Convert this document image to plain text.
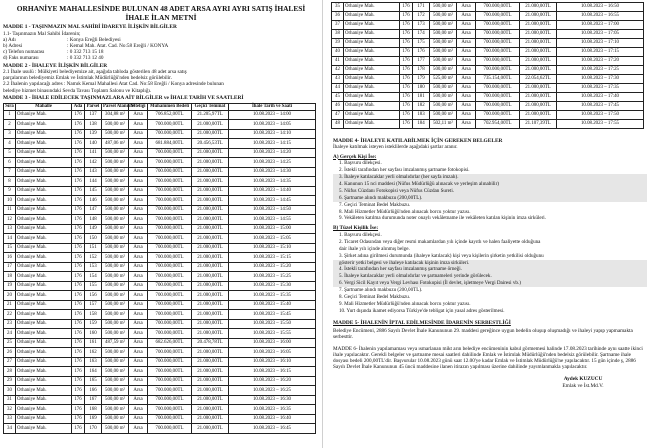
ORHANİYE MAHALLESİNDE BULUNAN 48 ADET ARSA AYRI AYRI SATIŞ İHALESİ İHALE İLAN METNİ
MADDE 1 - TAŞINMAZIN MAL SAHİBİ İDAREYE İLİŞKİN BİLGİLER
1.1- Taşınmazın Mal Sahibi İdarenin;
a) Adı	: Konya Ereğli Belediyesi
b) Adresi	: Kemal Mah. Atat. Cad. No:58 Ereğli / KONYA
c) Telefon numarası	: 0 332 713 15 18
d) Faks numarası	: 0 332 713 12 40
MADDE 2 - İHALEYE İLİŞKİN BİLGİLER
2.1 İhale usulü : Mülkiyeti belediyemize ait, aşağıda tabloda gösterilen 48 adet arsa satış
parçalarının belediyemiz Emlak ve İstimlak Müdürlüğü'nden bedelsiz görülebilir.
2.2 İhalenin yapılacağı adres : Namık Kemal Mahallesi Atat Cad. No:58 Ereğli / Konya adresinde bulunan
belediye hizmet binasındaki Sevda Tavası Toplantı Salonu ve Kitaplığı.
MADDE 3 - İHALE EDİLECEK TAŞINMAZLARA AİT BİLGİLER ve İHALE TARİH VE SAATLERİ
Sıra	Mahalle	Ada	Parsel	Parsel Alanı m²	Niteliği	Muhammen Bedeli	Geçici Teminat	İhale Tarih ve Saati
1	Orhaniye Mah.	176	137	304,88 m²	Arsa	706.852,00TL	21.205,97TL	10.08.2023 – 14:00
2	Orhaniye Mah.	176	138	500,00 m²	Arsa	700.000,00TL	21.000,00TL	10.08.2023 – 14:05
3	Orhaniye Mah.	176	139	500,00 m²	Arsa	700.000,00TL	21.000,00TL	10.08.2023 – 14:10
4	Orhaniye Mah.	176	140	487,06 m²	Arsa	681.884,00TL	20.456,53TL	10.08.2023 – 14:15
5	Orhaniye Mah.	176	141	500,00 m²	Arsa	700.000,00TL	21.000,00TL	10.08.2023 – 14:20
6	Orhaniye Mah.	176	142	500,00 m²	Arsa	700.000,00TL	21.000,00TL	10.08.2023 – 14:25
7	Orhaniye Mah.	176	143	500,00 m²	Arsa	700.000,00TL	21.000,00TL	10.08.2023 – 14:30
8	Orhaniye Mah.	176	144	500,00 m²	Arsa	700.000,00TL	21.000,00TL	10.08.2023 – 14:35
9	Orhaniye Mah.	176	145	500,00 m²	Arsa	700.000,00TL	21.000,00TL	10.08.2023 – 14:40
10	Orhaniye Mah.	176	146	500,00 m²	Arsa	700.000,00TL	21.000,00TL	10.08.2023 – 14:45
11	Orhaniye Mah.	176	147	500,00 m²	Arsa	700.000,00TL	21.000,00TL	10.08.2023 – 14:50
12	Orhaniye Mah.	176	148	500,00 m²	Arsa	700.000,00TL	21.000,00TL	10.08.2023 – 14:55
13	Orhaniye Mah.	176	149	500,00 m²	Arsa	700.000,00TL	21.000,00TL	10.08.2023 – 15:00
14	Orhaniye Mah.	176	150	500,00 m²	Arsa	700.000,00TL	21.000,00TL	10.08.2023 – 15:05
15	Orhaniye Mah.	176	151	500,00 m²	Arsa	700.000,00TL	21.000,00TL	10.08.2023 – 15:10
16	Orhaniye Mah.	176	152	500,00 m²	Arsa	700.000,00TL	21.000,00TL	10.08.2023 – 15:15
17	Orhaniye Mah.	176	153	500,00 m²	Arsa	700.000,00TL	21.000,00TL	10.08.2023 – 15:20
18	Orhaniye Mah.	176	154	500,00 m²	Arsa	700.000,00TL	21.000,00TL	10.08.2023 – 15:25
19	Orhaniye Mah.	176	155	500,00 m²	Arsa	700.000,00TL	21.000,00TL	10.08.2023 – 15:30
20	Orhaniye Mah.	176	156	500,00 m²	Arsa	700.000,00TL	21.000,00TL	10.08.2023 – 15:35
21	Orhaniye Mah.	176	157	500,00 m²	Arsa	700.000,00TL	21.000,00TL	10.08.2023 – 15:40
22	Orhaniye Mah.	176	158	500,00 m²	Arsa	700.000,00TL	21.000,00TL	10.08.2023 – 15:45
23	Orhaniye Mah.	176	159	500,00 m²	Arsa	700.000,00TL	21.000,00TL	10.08.2023 – 15:50
24	Orhaniye Mah.	176	160	500,00 m²	Arsa	700.000,00TL	21.000,00TL	10.08.2023 – 15:55
25	Orhaniye Mah.	176	161	487,59 m²	Arsa	682.626,00TL	20.478,78TL	10.08.2023 – 16:00
26	Orhaniye Mah.	176	162	500,00 m²	Arsa	700.000,00TL	21.000,00TL	10.08.2023 – 16:05
27	Orhaniye Mah.	176	163	500,00 m²	Arsa	700.000,00TL	21.000,00TL	10.08.2023 – 16:10
28	Orhaniye Mah.	176	164	500,00 m²	Arsa	700.000,00TL	21.000,00TL	10.08.2023 – 16:15
29	Orhaniye Mah.	176	165	500,00 m²	Arsa	700.000,00TL	21.000,00TL	10.08.2023 – 16:20
30	Orhaniye Mah.	176	166	500,00 m²	Arsa	700.000,00TL	21.000,00TL	10.08.2023 – 16:25
31	Orhaniye Mah.	176	167	500,00 m²	Arsa	700.000,00TL	21.000,00TL	10.08.2023 – 16:30
32	Orhaniye Mah.	176	168	500,00 m²	Arsa	700.000,00TL	21.000,00TL	10.08.2023 – 16:35
33	Orhaniye Mah.	176	169	500,00 m²	Arsa	700.000,00TL	21.000,00TL	10.08.2023 – 16:40
34	Orhaniye Mah.	176	170	500,00 m²	Arsa	700.000,00TL	21.000,00TL	10.08.2023 – 16:45
35	Orhaniye Mah.	176	171	500,00 m²	Arsa	700.000,00TL	21.000,00TL	10.08.2023 – 16:50
36	Orhaniye Mah.	176	172	500,00 m²	Arsa	700.000,00TL	21.000,00TL	10.08.2023 – 16:55
37	Orhaniye Mah.	176	173	500,00 m²	Arsa	700.000,00TL	21.000,00TL	10.08.2023 – 17:00
38	Orhaniye Mah.	176	174	500,00 m²	Arsa	700.000,00TL	21.000,00TL	10.08.2023 – 17:05
39	Orhaniye Mah.	176	175	500,00 m²	Arsa	700.000,00TL	21.000,00TL	10.08.2023 – 17:10
40	Orhaniye Mah.	176	176	500,00 m²	Arsa	700.000,00TL	21.000,00TL	10.08.2023 – 17:15
41	Orhaniye Mah.	176	177	500,00 m²	Arsa	700.000,00TL	21.000,00TL	10.08.2023 – 17:20
42	Orhaniye Mah.	176	178	500,00 m²	Arsa	700.000,00TL	21.000,00TL	10.08.2023 – 17:25
43	Orhaniye Mah.	176	179	525,00 m²	Arsa	735.154,00TL	22.054,62TL	10.08.2023 – 17:30
44	Orhaniye Mah.	176	180	500,00 m²	Arsa	700.000,00TL	21.000,00TL	10.08.2023 – 17:35
45	Orhaniye Mah.	176	181	500,00 m²	Arsa	700.000,00TL	21.000,00TL	10.08.2023 – 17:40
46	Orhaniye Mah.	176	182	500,00 m²	Arsa	700.000,00TL	21.000,00TL	10.08.2023 – 17:45
47	Orhaniye Mah.	176	183	500,00 m²	Arsa	700.000,00TL	21.000,00TL	10.08.2023 – 17:50
48	Orhaniye Mah.	176	184	502,11 m²	Arsa	702.954,00TL	21.107,39TL	10.08.2023 – 17:55
MADDE 4- İHALEYE KATILABİLMEK İÇİN GEREKEN BELGELER
İhaleye katılmak isteyen isteklilerde aşağıdaki şartlar aranır.
A) Gerçek Kişi İse:
1. Başvuru dilekçesi.
2. İstekli tarafından her sayfası imzalanmış şartname fotokopisi.
3. İhaleye katılacaklar yerli olmalıdırlar (her sayfa imzalı).
4. Kanunun 15 nci maddesi (Nüfus Müdürlüğü alınacak ve yerleşim alınabilir)
5. Nüfus Cüzdanı Fotokopisi veya Nüfus Cüzdan Sureti.
6. Şartname alındı makbuzu (200,00TL).
7. Geçici Teminat Bedel Makbuzu.
8. Mali Hizmetler Müdürlüğü'nden alınacak borcu yoktur yazısı.
9. Vekâleten katılma durumunda noter onaylı vekâletname ile vekâleten katılan kişinin imza sirküleri.
B) Tüzel Kişilik İse:
1. Başvuru dilekçesi.
2. Ticaret Odasından veya diğer resmi makamlardan yılı içinde kayıtlı ve halen faaliyette olduğuna
dair ihale yılı içinde alınmış belge.
3. Şirket adına girilmesi durumunda (ihaleye katılacak) kişi veya kişilerin şirketin yetkilisi olduğunu
gösterir yetki belgesi ve ihaleye katılacak kişinin imza sirküleri.
4. İstekli tarafından her sayfası imzalanmış şartname örneği.
5. İhaleye katılacaklar yerli olmalıdırlar ve şartnameleri yerinde görülecek.
6. Vergi Sicil Kayıt veya Vergi Levhası Fotokopisi (İl devlet, işletmeye Vergi Dairesi vb.)
7. Şartname alındı makbuzu (200,00TL).
8. Geçici Teminat Bedel Makbuzu.
9. Mali Hizmetler Müdürlüğü'nden alınacak borcu yoktur yazısı.
10. Yurt dışında ikamet ediyorsa Türkiye'de tebligat için yasal adres gösterilmesi.
MADDE 5- İHALENİN İPTAL EDİLMESİNDE İDARENİN SERBESTLİĞİ
Belediye Encümeni, 2886 Sayılı Devlet İhale Kanununun 29. maddesi gereğince uygun bedelin oluşup oluşmadığı ve ihaleyi yapıp yapmamakta serbesttir.
MADDE 6- İhalenin yapılamaması veya ısmarlanan mikt arın belediye encümeninin kabul görmemesi halinde 17.08.2023 tarihinde aynı saatte ikinci ihale yapılacaktır. Gerekli belgeler ve şartname mesai saatleri dahilinde Emlak ve İstimlak Müdürlüğü'nden bedelsiz görülebilir. Şartname ihale dosyası bedeli 200,00TL'dir. Başvurular 10.08.2023 günü saat 12.00'ye kadar Emlak ve İstimlak Müdürlüğü'ne yapılacaktır. 15 gün içinde ş, 2886 Sayılı Devlet İhale Kanununun 45 üncü maddesine ilanen itirazın yapılması üzerine dahilinde yayımlanmakla yapılacaktır.
Aydek KUZUCU
Emlak ve İst.Md.V.
